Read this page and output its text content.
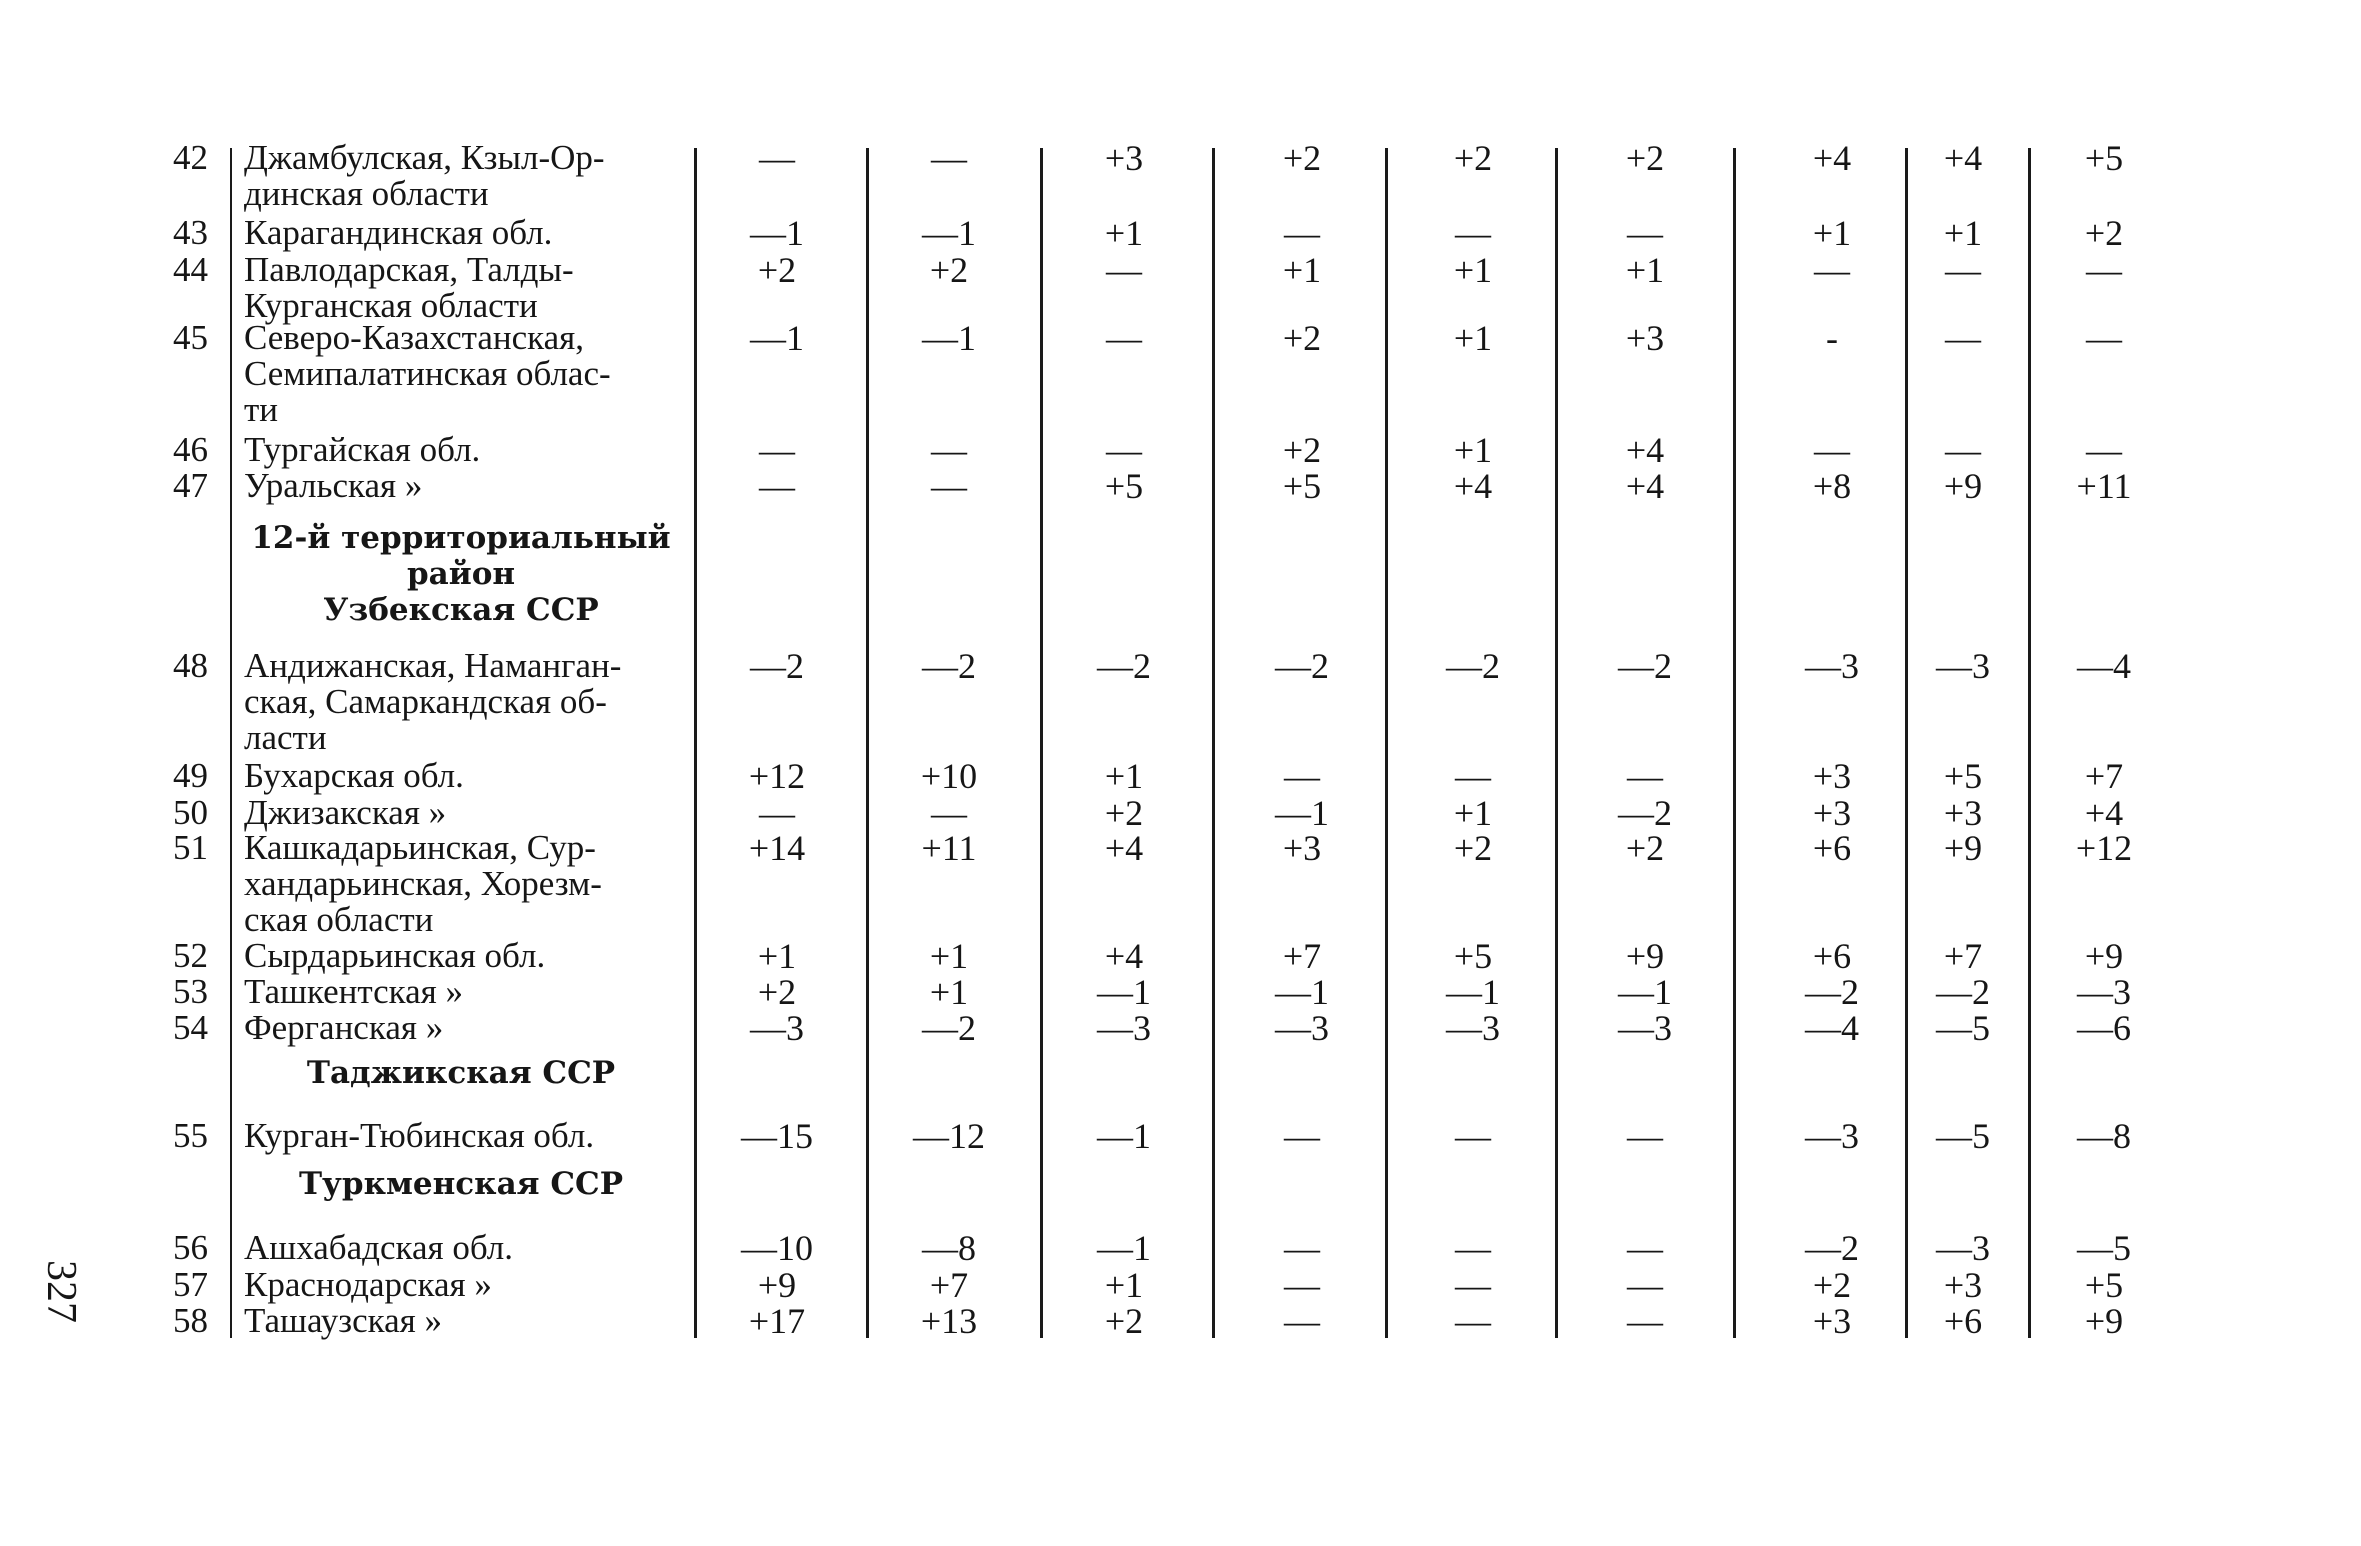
327
42 Джамбулская, Кзыл-Ор-
динская области
—	—	+3	+2	+2	+2	+4	+4	+5
43 Карагандинская обл.	—1	—1	+1	—	—	—	+1	+1	+2
44 Павлодарская, Талды-
Курганская области
+2	+2	—	+1	+1	+1	—	—	—
45 Северо-Казахстанская,
Семипалатинская облас-
ти
—1	—1	—	+2	+1	+3	-	—	—
46 Тургайская обл.	—	—	—	+2	+1	+4	—	—	—
47 Уральская »	—	—	+5	+5	+4	+4	+8	+9	+11
48 Андижанская, Наманган-
ская, Самаркандская об-
ласти
—2	—2	—2	—2	—2	—2	—3	—3	—4
49 Бухарская обл.	+12	+10	+1	—	—	—	+3	+5	+7
50 Джизакская »	—	—	+2	—1	+1	—2	+3	+3	+4
51 Кашкадарьинская, Сур-
хандарьинская, Хорезм-
ская области
+14	+11	+4	+3	+2	+2	+6	+9	+12
52 Сырдарьинская обл.	+1	+1	+4	+7	+5	+9	+6	+7	+9
53 Ташкентская »	+2	+1	—1	—1	—1	—1	—2	—2	—3
54 Ферганская »	—3	—2	—3	—3	—3	—3	—4	—5	—6
55 Курган-Тюбинская обл.	—15	—12	—1	—	—	—	—3	—5	—8
56 Ашхабадская обл.	—10	—8	—1	—	—	—	—2	—3	—5
57 Краснодарская »	+9	+7	+1	—	—	—	+2	+3	+5
58 Ташаузская »	+17	+13	+2	—	—	—	+3	+6	+9
12-й территориальный
район
Узбекская ССР
Таджикская ССР
Туркменская ССР
